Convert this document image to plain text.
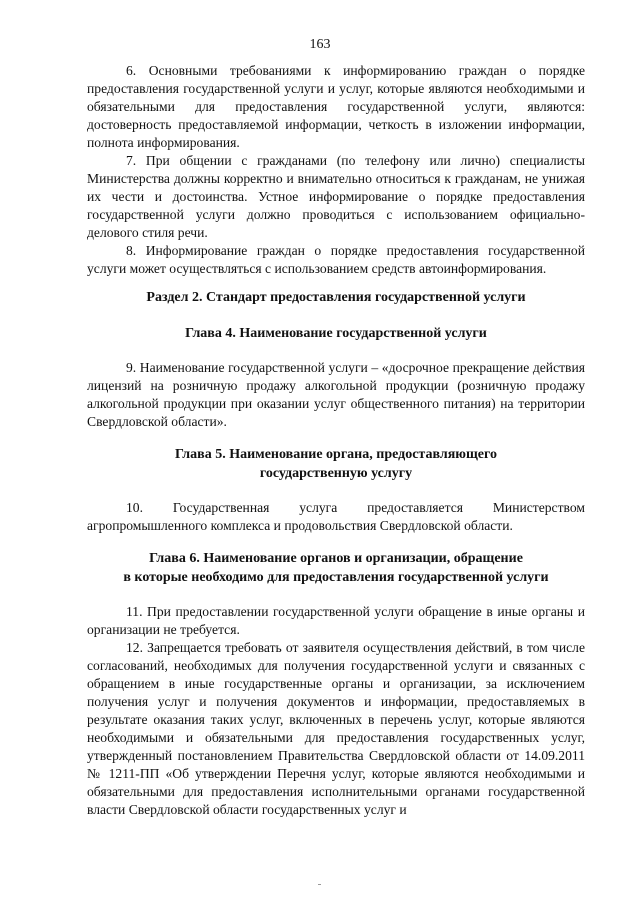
163

6. Основными требованиями к информированию граждан о порядке предоставления государственной услуги и услуг, которые являются необходимыми и обязательными для предоставления государственной услуги, являются: достоверность предоставляемой информации, четкость в изложении информации, полнота информирования.

7. При общении с гражданами (по телефону или лично) специалисты Министерства должны корректно и внимательно относиться к гражданам, не унижая их чести и достоинства. Устное информирование о порядке предоставления государственной услуги должно проводиться с использованием официально-делового стиля речи.

8. Информирование граждан о порядке предоставления государственной услуги может осуществляться с использованием средств автоинформирования.

Раздел 2. Стандарт предоставления государственной услуги
Глава 4. Наименование государственной услуги

9. Наименование государственной услуги – «досрочное прекращение действия лицензий на розничную продажу алкогольной продукции (розничную продажу алкогольной продукции при оказании услуг общественного питания) на территории Свердловской области».

Глава 5. Наименование органа, предоставляющего
государственную услугу

10. Государственная услуга предоставляется Министерством агропромышленного комплекса и продовольствия Свердловской области.

Глава 6. Наименование органов и организации, обращение
в которые необходимо для предоставления государственной услуги

11. При предоставлении государственной услуги обращение в иные органы и организации не требуется.

12. Запрещается требовать от заявителя осуществления действий, в том числе согласований, необходимых для получения государственной услуги и связанных с обращением в иные государственные органы и организации, за исключением получения услуг и получения документов и информации, предоставляемых в результате оказания таких услуг, включенных в перечень услуг, которые являются необходимыми и обязательными для предоставления государственных услуг, утвержденный постановлением Правительства Свердловской области от 14.09.2011 № 1211-ПП «Об утверждении Перечня услуг, которые являются необходимыми и обязательными для предоставления исполнительными органами государственной власти Свердловской области государственных услуг и
